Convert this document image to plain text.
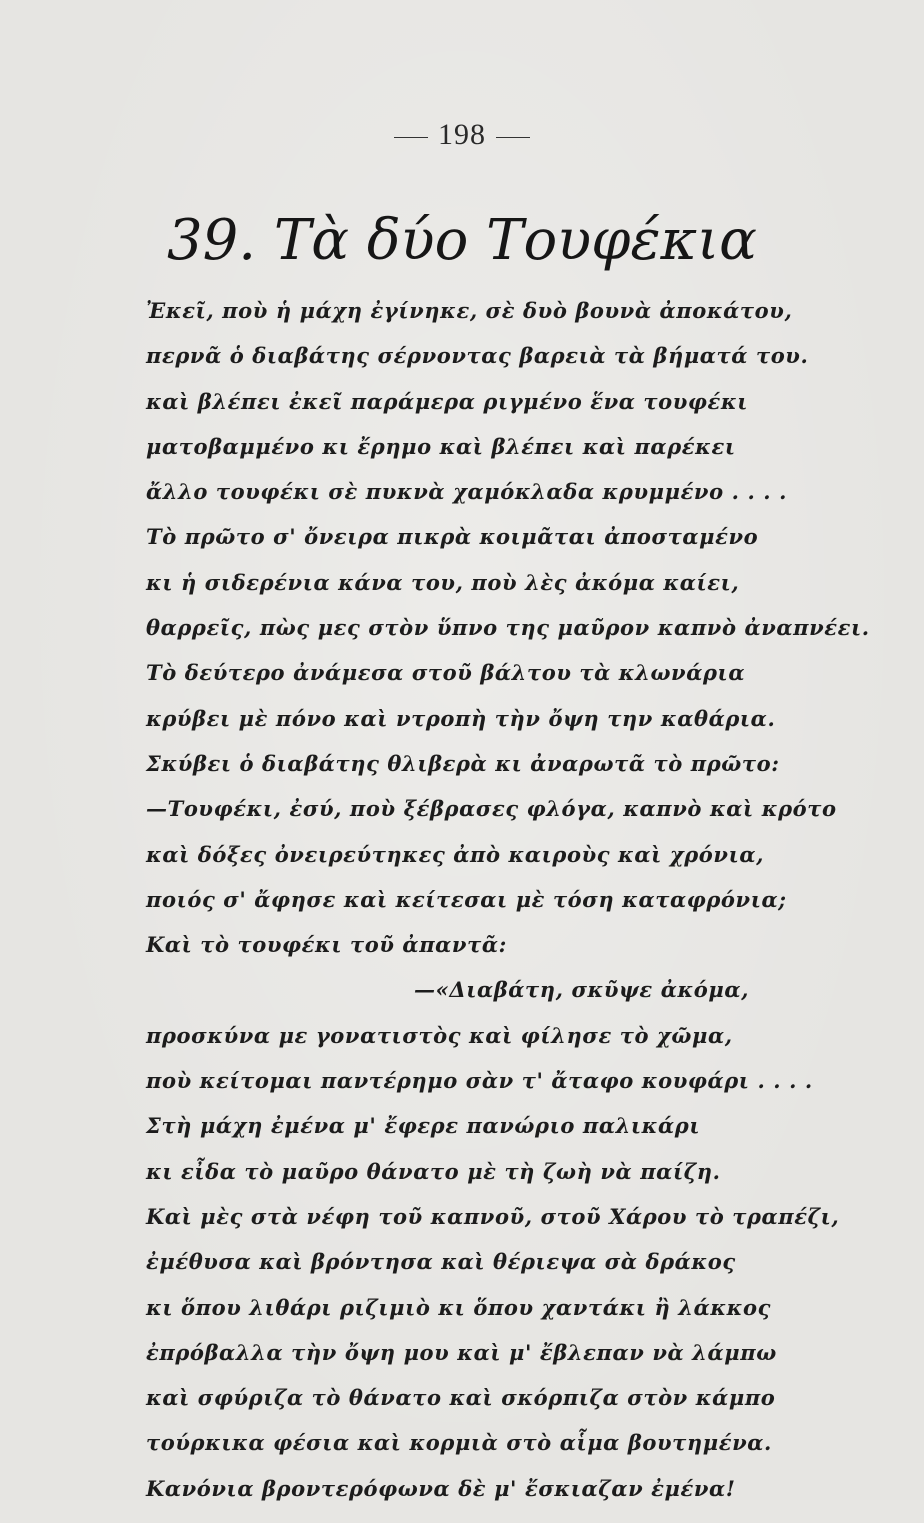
198
39. Τὰ δύο Τουφέκια
Ἐκεῖ, ποὺ ἡ μάχη ἐγίνηκε, σὲ δυὸ βουνὰ ἀποκάτου,
περνᾶ ὁ διαβάτης σέρνοντας βαρειὰ τὰ βήματά του.
καὶ βλέπει ἐκεῖ παράμερα ριγμένο ἕνα τουφέκι
ματοβαμμένο κι ἔρημο καὶ βλέπει καὶ παρέκει
ἄλλο τουφέκι σὲ πυκνὰ χαμόκλαδα κρυμμένο . . . .
Τὸ πρῶτο σ' ὄνειρα πικρὰ κοιμᾶται ἀποσταμένο
κι ἡ σιδερένια κάνα του, ποὺ λὲς ἀκόμα καίει,
θαρρεῖς, πὼς μες στὸν ὕπνο της μαῦρον καπνὸ ἀναπνέει.
Τὸ δεύτερο ἀνάμεσα στοῦ βάλτου τὰ κλωνάρια
κρύβει μὲ πόνο καὶ ντροπὴ τὴν ὄψη την καθάρια.
Σκύβει ὁ διαβάτης θλιβερὰ κι ἀναρωτᾶ τὸ πρῶτο:
—Τουφέκι, ἐσύ, ποὺ ξέβρασες φλόγα, καπνὸ καὶ κρότο
καὶ δόξες ὀνειρεύτηκες ἀπὸ καιροὺς καὶ χρόνια,
ποιός σ' ἄφησε καὶ κείτεσαι μὲ τόση καταφρόνια;
Καὶ τὸ τουφέκι τοῦ ἀπαντᾶ:
—«Διαβάτη, σκῦψε ἀκόμα,
προσκύνα με γονατιστὸς καὶ φίλησε τὸ χῶμα,
ποὺ κείτομαι παντέρημο σὰν τ' ἄταφο κουφάρι . . . .
Στὴ μάχη ἐμένα μ' ἔφερε πανώριο παλικάρι
κι εἶδα τὸ μαῦρο θάνατο μὲ τὴ ζωὴ νὰ παίζη.
Καὶ μὲς στὰ νέφη τοῦ καπνοῦ, στοῦ Χάρου τὸ τραπέζι,
ἐμέθυσα καὶ βρόντησα καὶ θέριεψα σὰ δράκος
κι ὅπου λιθάρι ριζιμιὸ κι ὅπου χαντάκι ἢ λάκκος
ἐπρόβαλλα τὴν ὄψη μου καὶ μ' ἔβλεπαν νὰ λάμπω
καὶ σφύριζα τὸ θάνατο καὶ σκόρπιζα στὸν κάμπο
τούρκικα φέσια καὶ κορμιὰ στὸ αἷμα βουτημένα.
Κανόνια βροντερόφωνα δὲ μ' ἔσκιαζαν ἐμένα!
